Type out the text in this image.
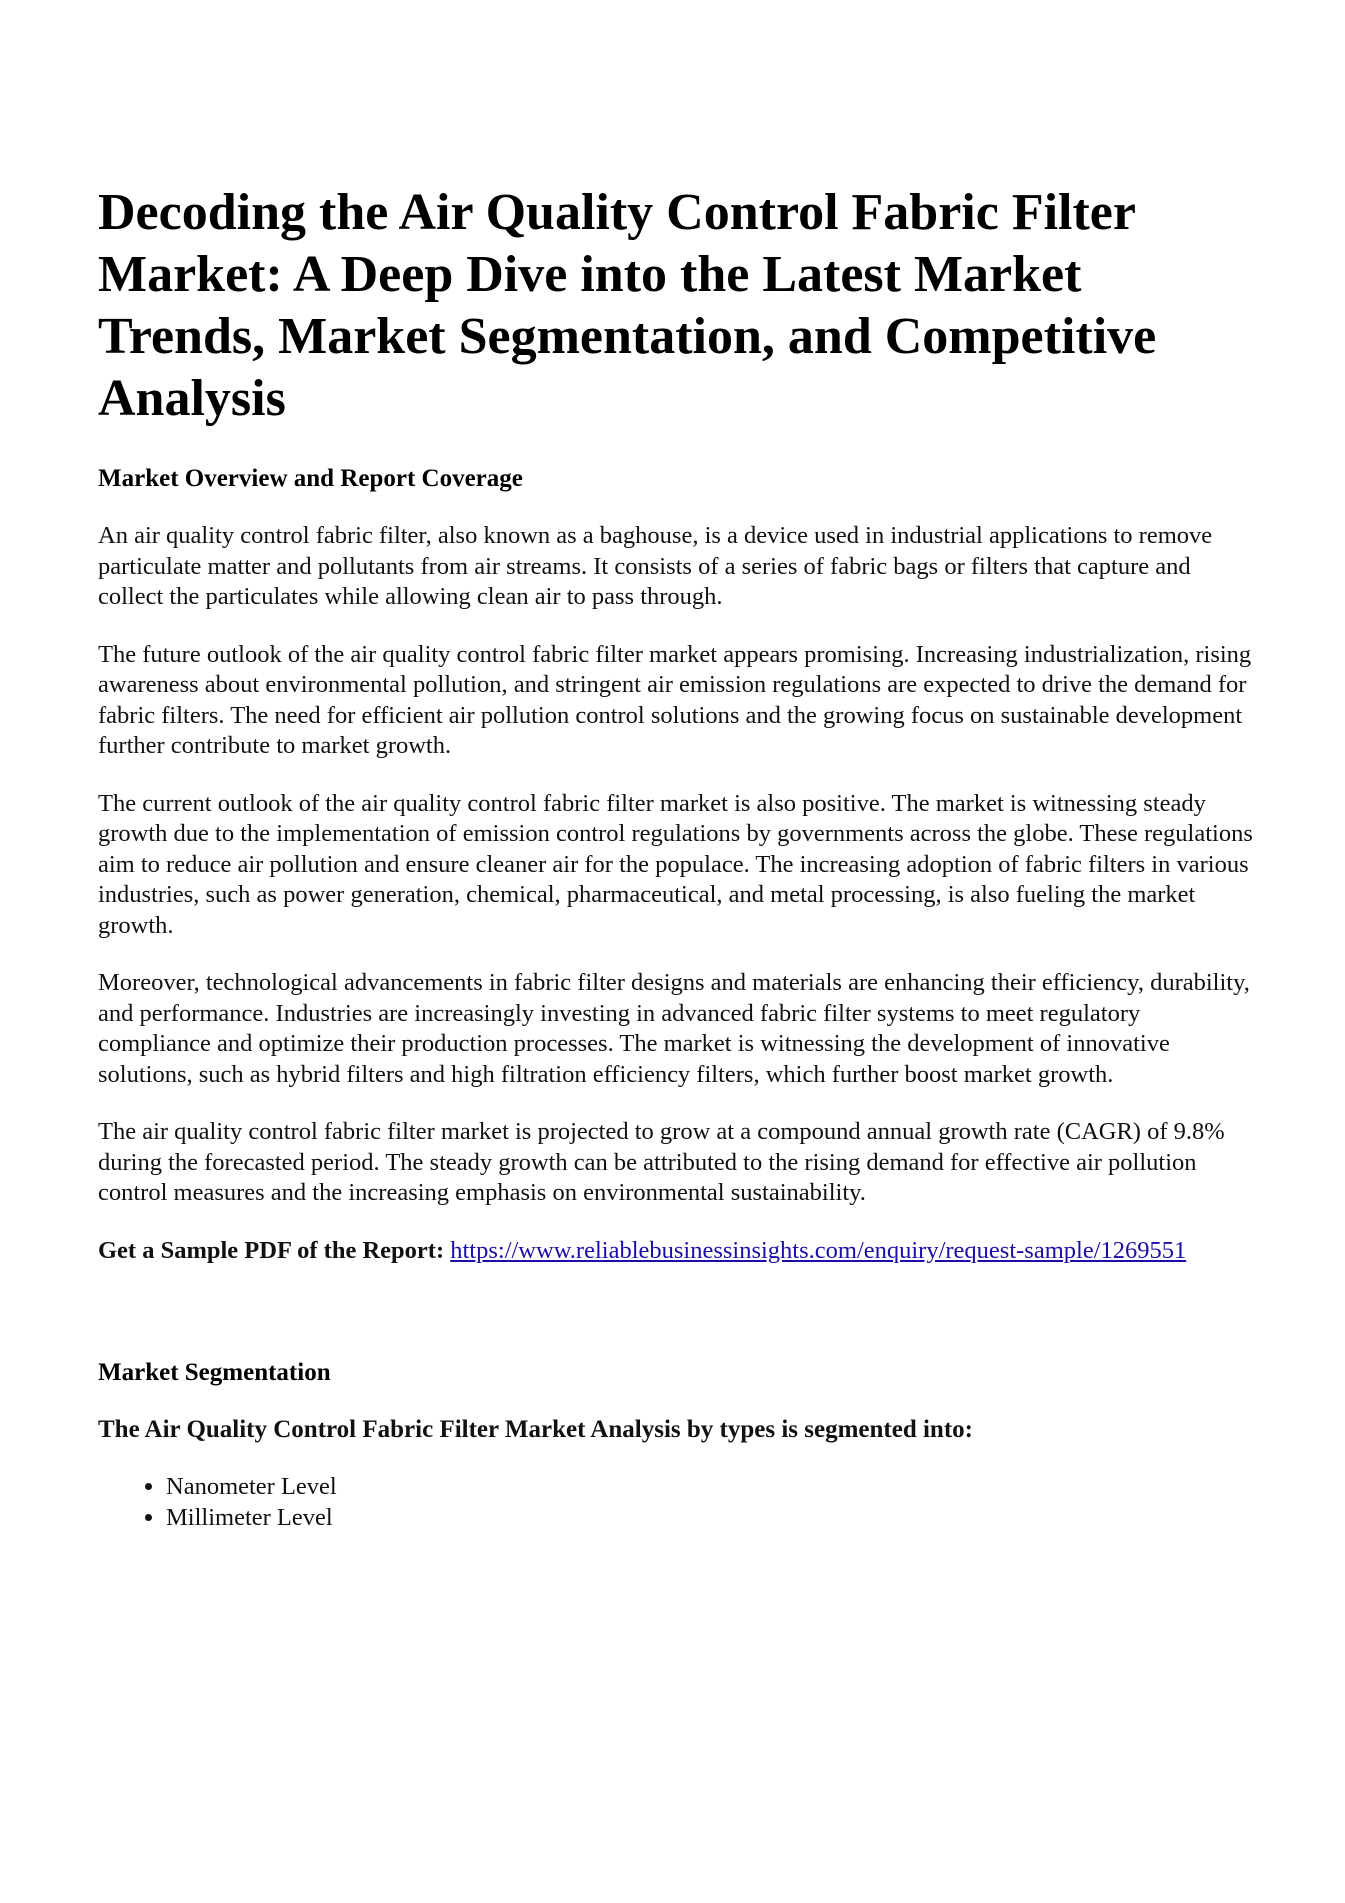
Decoding the Air Quality Control Fabric Filter Market: A Deep Dive into the Latest Market Trends, Market Segmentation, and Competitive Analysis
Market Overview and Report Coverage

An air quality control fabric filter, also known as a baghouse, is a device used in industrial applications to remove particulate matter and pollutants from air streams. It consists of a series of fabric bags or filters that capture and collect the particulates while allowing clean air to pass through.

The future outlook of the air quality control fabric filter market appears promising. Increasing industrialization, rising awareness about environmental pollution, and stringent air emission regulations are expected to drive the demand for fabric filters. The need for efficient air pollution control solutions and the growing focus on sustainable development further contribute to market growth.

The current outlook of the air quality control fabric filter market is also positive. The market is witnessing steady growth due to the implementation of emission control regulations by governments across the globe. These regulations aim to reduce air pollution and ensure cleaner air for the populace. The increasing adoption of fabric filters in various industries, such as power generation, chemical, pharmaceutical, and metal processing, is also fueling the market growth.

Moreover, technological advancements in fabric filter designs and materials are enhancing their efficiency, durability, and performance. Industries are increasingly investing in advanced fabric filter systems to meet regulatory compliance and optimize their production processes. The market is witnessing the development of innovative solutions, such as hybrid filters and high filtration efficiency filters, which further boost market growth.

The air quality control fabric filter market is projected to grow at a compound annual growth rate (CAGR) of 9.8% during the forecasted period. The steady growth can be attributed to the rising demand for effective air pollution control measures and the increasing emphasis on environmental sustainability.

Get a Sample PDF of the Report: https://www.reliablebusinessinsights.com/enquiry/request-sample/1269551

Market Segmentation
The Air Quality Control Fabric Filter Market Analysis by types is segmented into:
• Nanometer Level
• Millimeter Level
